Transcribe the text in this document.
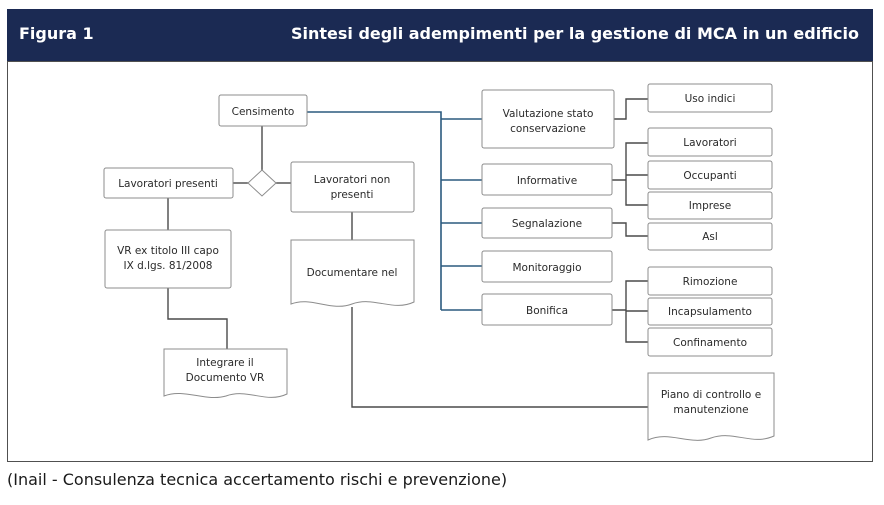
Figura 1	Sintesi degli adempimenti per la gestione di MCA in un edificio
Censimento
Lavoratori presenti	Lavoratori non
presenti
VR ex titolo III capo
IX d.lgs. 81/2008
Integrare il
Documento VR
Documentare nel
Valutazione stato
conservazione
Informative
Segnalazione
Monitoraggio
Bonifica
Uso indici
Lavoratori
Occupanti
Imprese
Asl
Rimozione
Incapsulamento
Confinamento
Piano di controllo e
manutenzione
(Inail - Consulenza tecnica accertamento rischi e prevenzione)
